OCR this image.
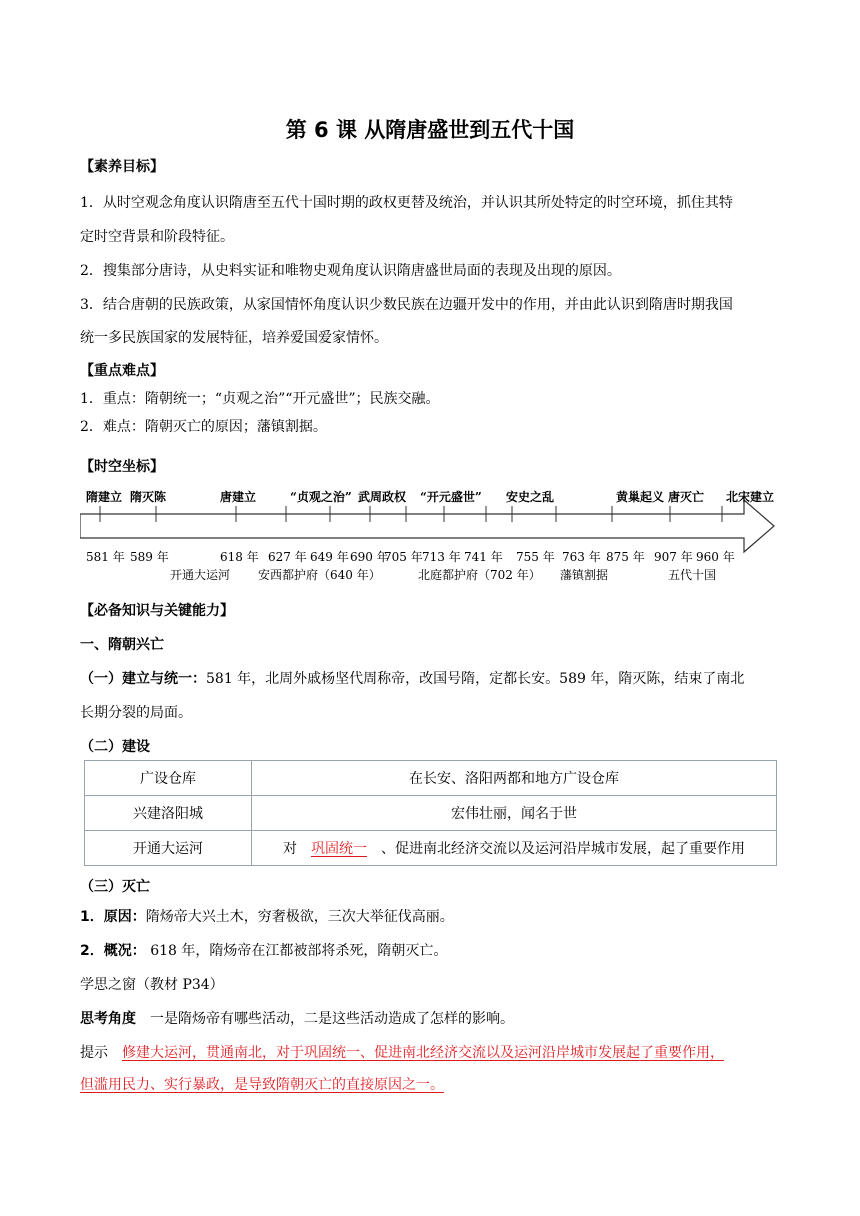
第 6 课 从隋唐盛世到五代十国
【素养目标】
1．从时空观念角度认识隋唐至五代十国时期的政权更替及统治，并认识其所处特定的时空环境，抓住其特
定时空背景和阶段特征。
2．搜集部分唐诗，从史料实证和唯物史观角度认识隋唐盛世局面的表现及出现的原因。
3．结合唐朝的民族政策，从家国情怀角度认识少数民族在边疆开发中的作用，并由此认识到隋唐时期我国
统一多民族国家的发展特征，培养爱国爱家情怀。
【重点难点】
1．重点：隋朝统一；“贞观之治”“开元盛世”；民族交融。
2．难点：隋朝灭亡的原因；藩镇割据。
【时空坐标】
隋建立 隋灭陈	唐建立	“贞观之治” 武周政权 “开元盛世” 安史之乱	黄巢起义 唐灭亡 北宋建立
581 年 589 年	618 年 627 年 649 年 690 年
705 年 713 年 741 年 755 年 763 年 875 年 907 年 960 年
开通大运河 安西都护府（640 年）	北庭都护府（702 年） 藩镇割据	五代十国
【必备知识与关键能力】
一、隋朝兴亡
（一）建立与统一：581 年，北周外戚杨坚代周称帝，改国号隋，定都长安。589 年，隋灭陈，结束了南北
长期分裂的局面。
（二）建设
广设仓库	在长安、洛阳两都和地方广设仓库
兴建洛阳城	宏伟壮丽，闻名于世
开通大运河	对 巩固统一 、促进南北经济交流以及运河沿岸城市发展，起了重要作用
（三）灭亡
1．原因：隋炀帝大兴土木，穷奢极欲，三次大举征伐高丽。
2．概况： 618 年，隋炀帝在江都被部将杀死，隋朝灭亡。
学思之窗（教材 P34）
思考角度 一是隋炀帝有哪些活动，二是这些活动造成了怎样的影响。
提示 修建大运河，贯通南北，对于巩固统一、促进南北经济交流以及运河沿岸城市发展起了重要作用，
但滥用民力、实行暴政，是导致隋朝灭亡的直接原因之一。
